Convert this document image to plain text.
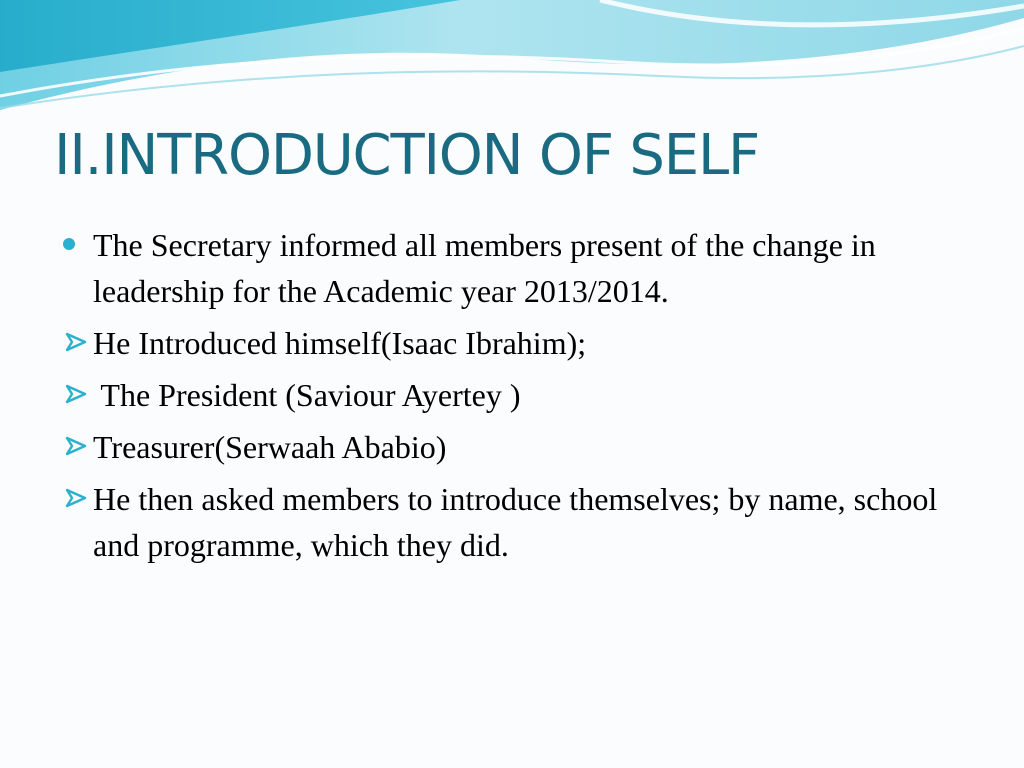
II.INTRODUCTION OF SELF
The Secretary informed all members present of the change in leadership for the Academic year 2013/2014.
He Introduced himself(Isaac Ibrahim);
The President (Saviour Ayertey )
Treasurer(Serwaah Ababio)
He then asked members to introduce themselves; by name, school and programme, which they did.
